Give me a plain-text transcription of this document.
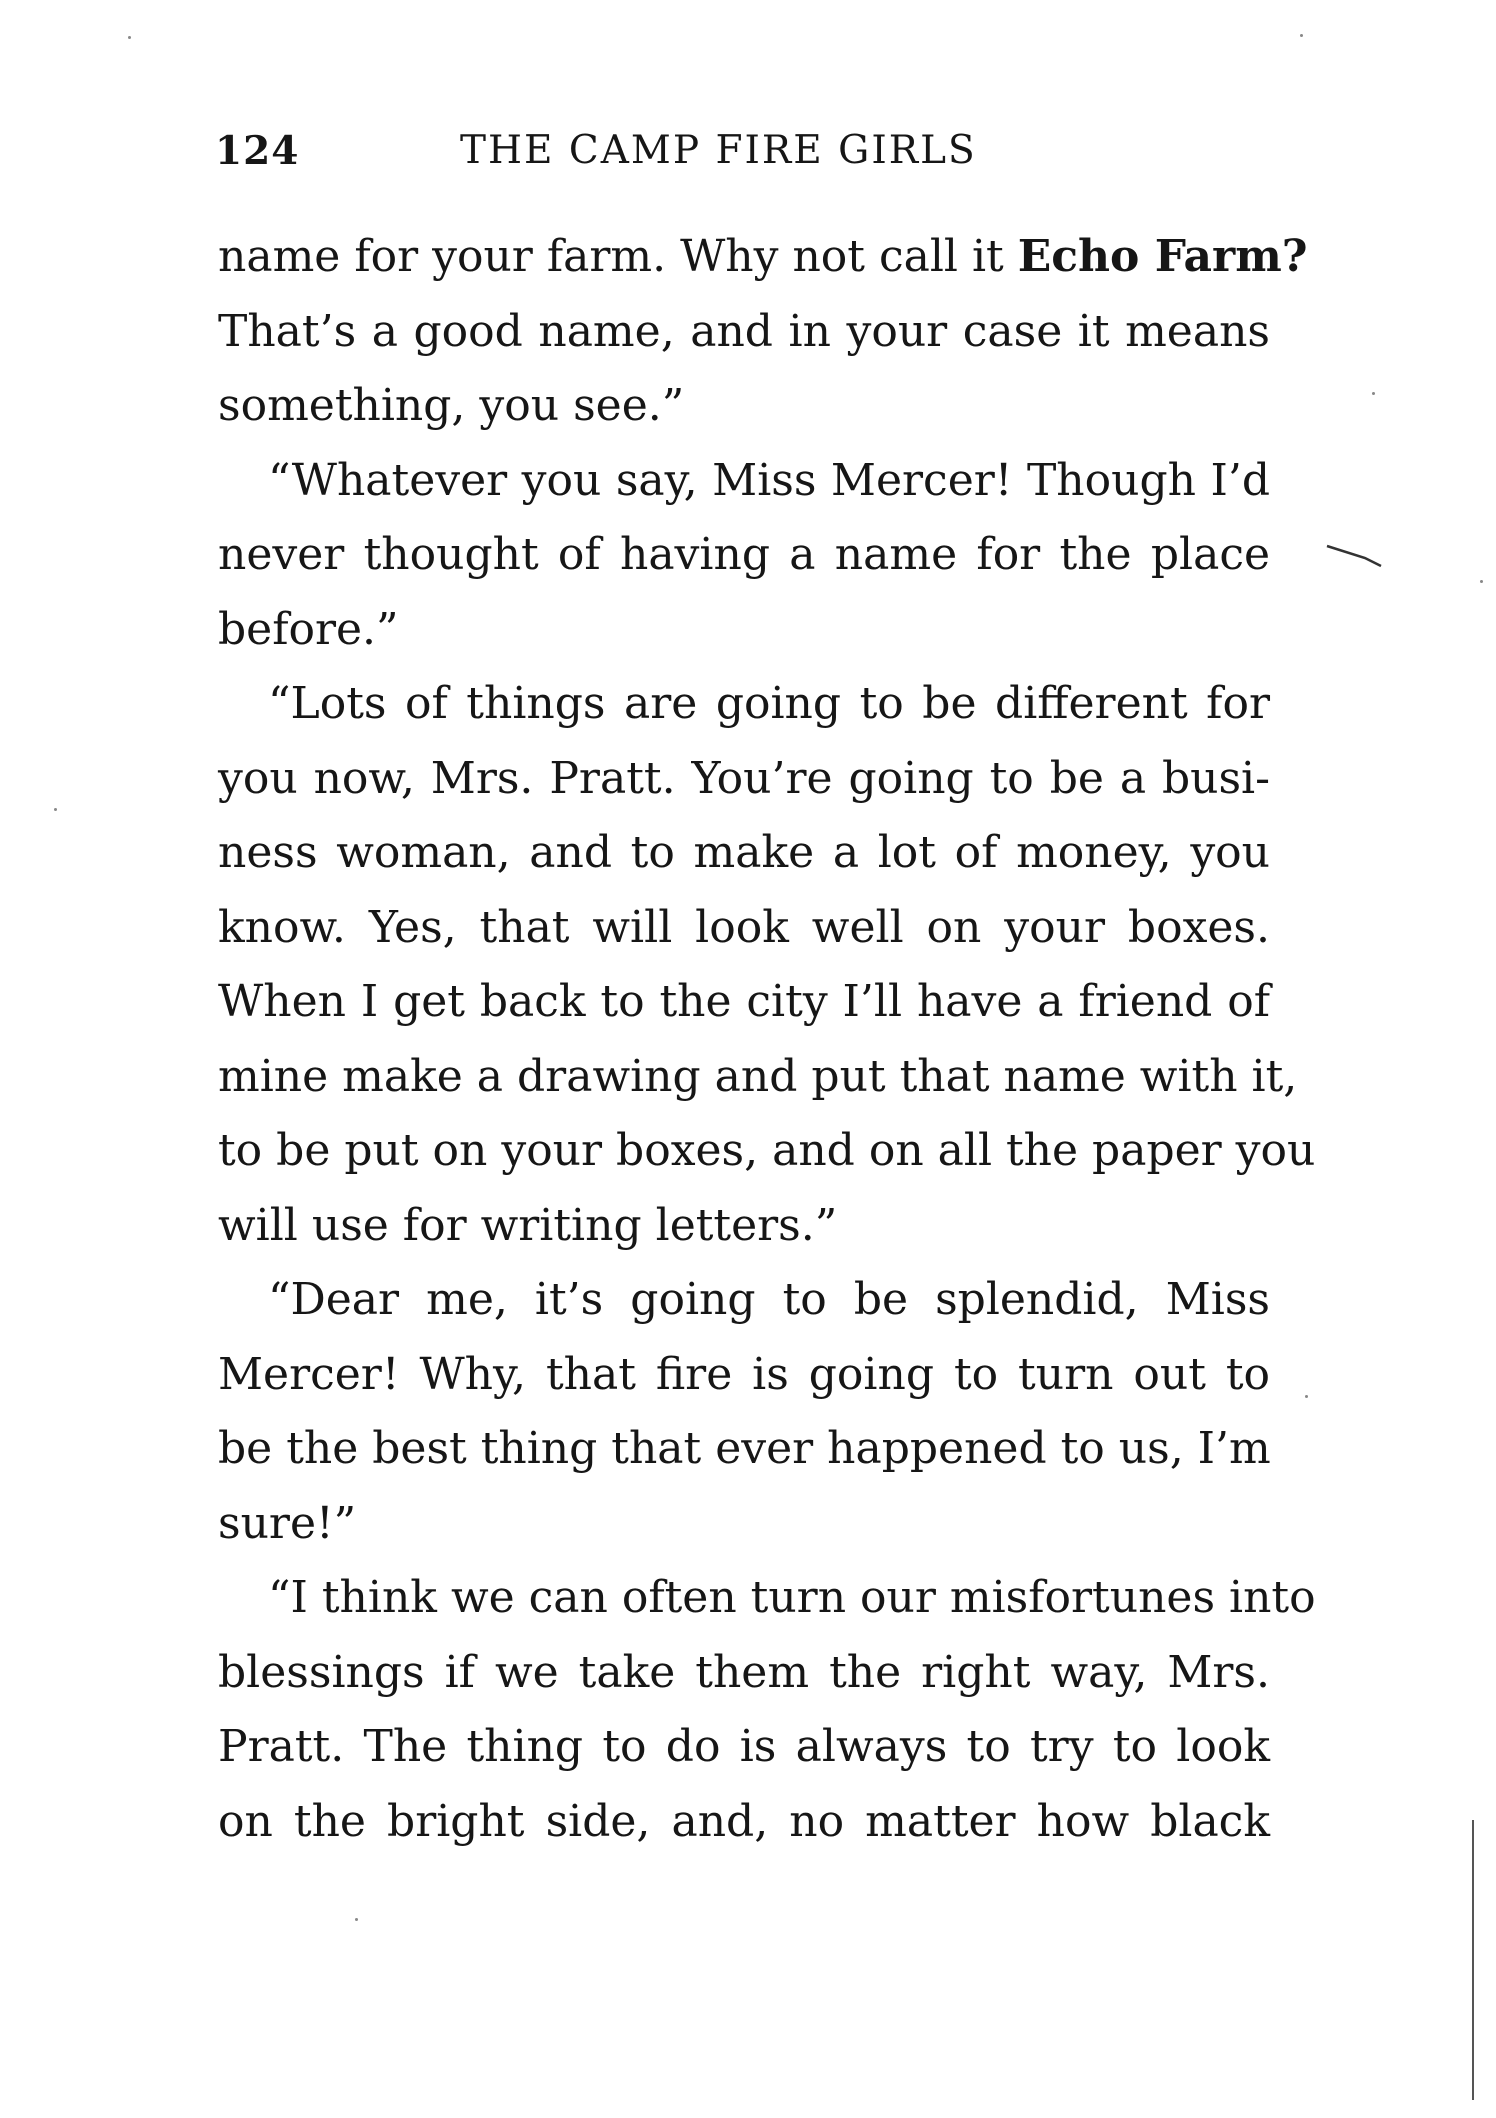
124	THE CAMP FIRE GIRLS
name for your farm. Why not call it Echo Farm?
That’s a good name, and in your case it means
something, you see.”
“Whatever you say, Miss Mercer! Though I’d
never thought of having a name for the place
before.”
“Lots of things are going to be different for
you now, Mrs. Pratt. You’re going to be a busi-
ness woman, and to make a lot of money, you
know. Yes, that will look well on your boxes.
When I get back to the city I’ll have a friend of
mine make a drawing and put that name with it,
to be put on your boxes, and on all the paper you
will use for writing letters.”
“Dear me, it’s going to be splendid, Miss
Mercer! Why, that fire is going to turn out to
be the best thing that ever happened to us, I’m
sure!”
“I think we can often turn our misfortunes into
blessings if we take them the right way, Mrs.
Pratt. The thing to do is always to try to look
on the bright side, and, no matter how black
